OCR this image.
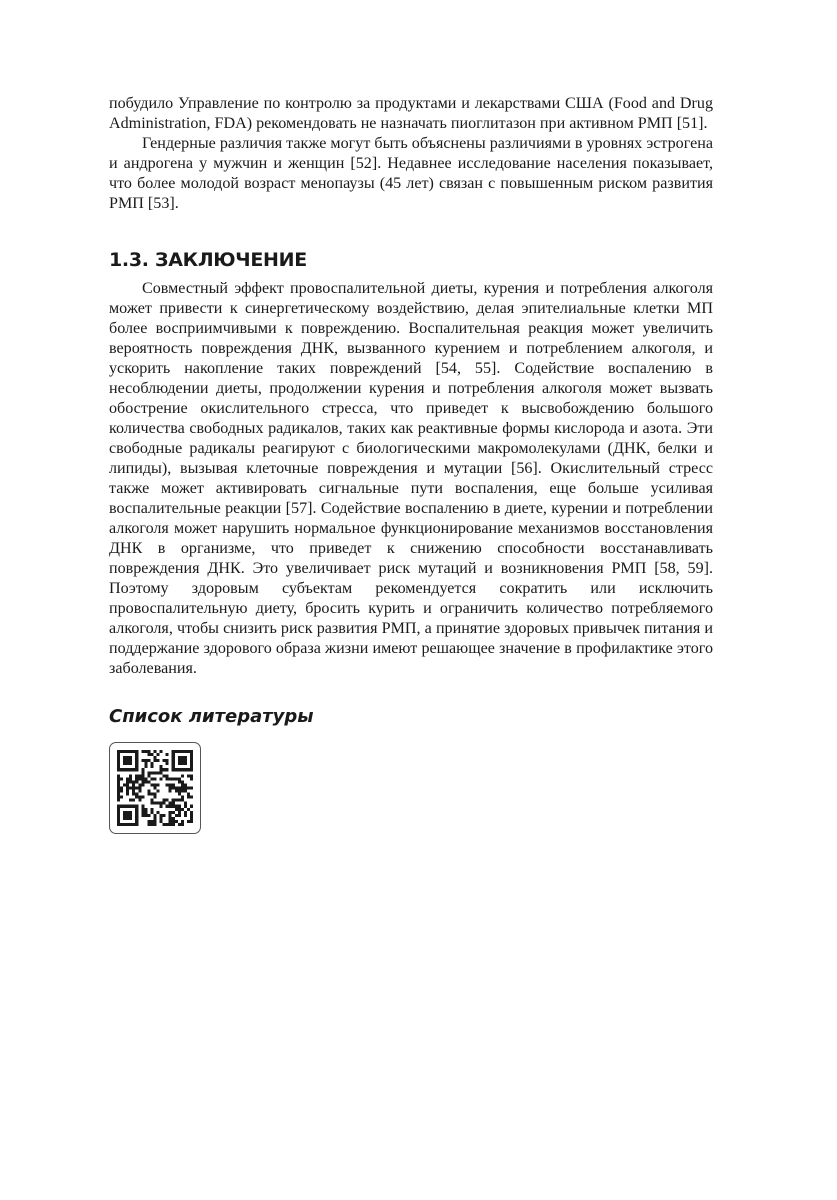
побудило Управление по контролю за продуктами и лекарствами США (Food and Drug Administration, FDA) рекомендовать не назначать пиоглитазон при активном РМП [51].

Гендерные различия также могут быть объяснены различиями в уровнях эстрогена и андрогена у мужчин и женщин [52]. Недавнее исследование населения показывает, что более молодой возраст менопаузы (45 лет) связан с повышенным риском развития РМП [53].

1.3. ЗАКЛЮЧЕНИЕ

Совместный эффект провоспалительной диеты, курения и потребления алкоголя может привести к синергетическому воздействию, делая эпителиальные клетки МП более восприимчивыми к повреждению. Воспалительная реакция может увеличить вероятность повреждения ДНК, вызванного курением и потреблением алкоголя, и ускорить накопление таких повреждений [54, 55]. Содействие воспалению в несоблюдении диеты, продолжении курения и потребления алкоголя может вызвать обострение окислительного стресса, что приведет к высвобождению большого количества свободных радикалов, таких как реактивные формы кислорода и азота. Эти свободные радикалы реагируют с биологическими макромолекулами (ДНК, белки и липиды), вызывая клеточные повреждения и мутации [56]. Окислительный стресс также может активировать сигнальные пути воспаления, еще больше усиливая воспалительные реакции [57]. Содействие воспалению в диете, курении и потреблении алкоголя может нарушить нормальное функционирование механизмов восстановления ДНК в организме, что приведет к снижению способности восстанавливать повреждения ДНК. Это увеличивает риск мутаций и возникновения РМП [58, 59]. Поэтому здоровым субъектам рекомендуется сократить или исключить провоспалительную диету, бросить курить и ограничить количество потребляемого алкоголя, чтобы снизить риск развития РМП, а принятие здоровых привычек питания и поддержание здорового образа жизни имеют решающее значение в профилактике этого заболевания.

Список литературы
